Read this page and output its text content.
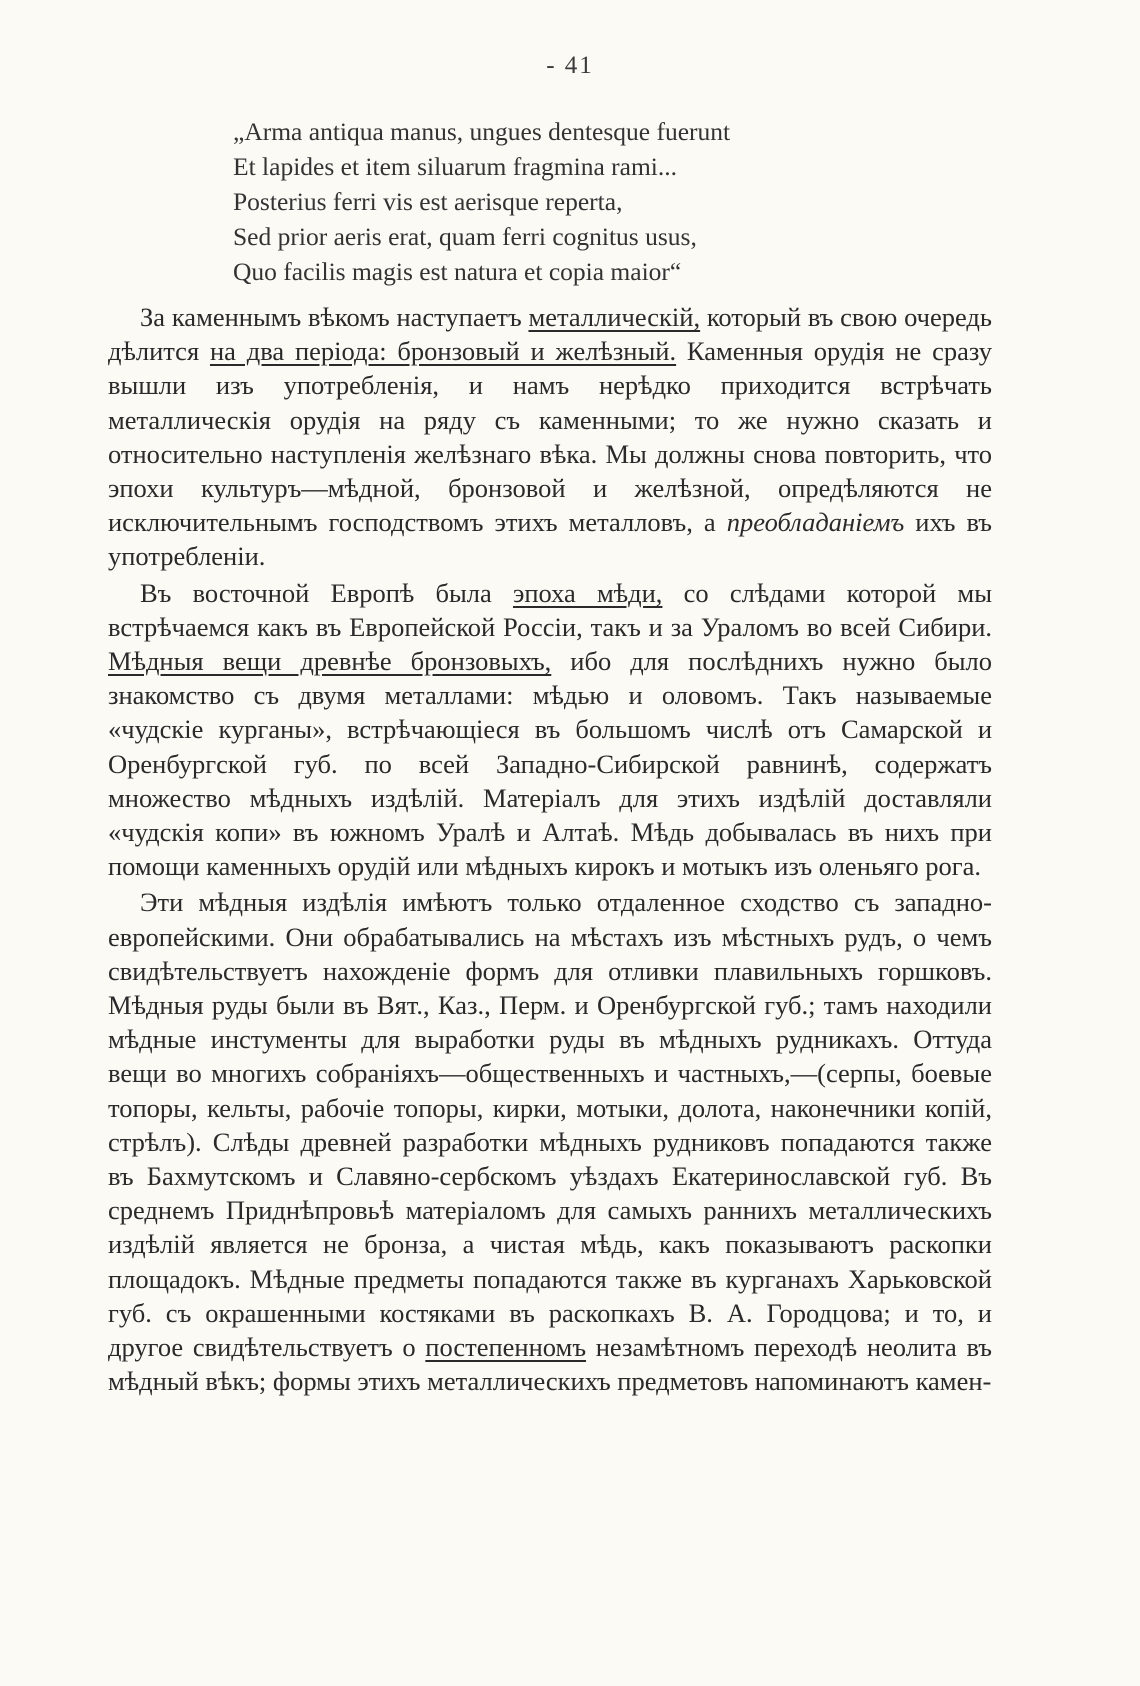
- 41
„Arma antiqua manus, ungues dentesque fuerunt
Et lapides et item siluarum fragmina rami...
Posterius ferri vis est aerisque reperta,
Sed prior aeris erat, quam ferri cognitus usus,
Quo facilis magis est natura et copia maior“

За каменнымъ вѣкомъ наступаетъ металлическій, который въ свою очередь дѣлится на два періода: бронзовый и желѣзный. Каменныя орудія не сразу вышли изъ употребленія, и намъ нерѣдко приходится встрѣчать металлическія орудія на ряду съ каменными; то же нужно сказать и относительно наступленія желѣзнаго вѣка. Мы должны снова повторить, что эпохи культуръ—мѣдной, бронзовой и желѣзной, опредѣляются не исключительнымъ господствомъ этихъ металловъ, а преобладаніемъ ихъ въ употребленіи.

Въ восточной Европѣ была эпоха мѣди, со слѣдами которой мы встрѣчаемся какъ въ Европейской Россіи, такъ и за Ураломъ во всей Сибири. Мѣдныя вещи древнѣе бронзовыхъ, ибо для послѣднихъ нужно было знакомство съ двумя металлами: мѣдью и оловомъ. Такъ называемые «чудскіе курганы», встрѣчающіеся въ большомъ числѣ отъ Самарской и Оренбургской губ. по всей Западно-Сибирской равнинѣ, содержатъ множество мѣдныхъ издѣлій. Матеріалъ для этихъ издѣлій доставляли «чудскія копи» въ южномъ Уралѣ и Алтаѣ. Мѣдь добывалась въ нихъ при помощи каменныхъ орудій или мѣдныхъ кирокъ и мотыкъ изъ оленьяго рога.

Эти мѣдныя издѣлія имѣютъ только отдаленное сходство съ западно-европейскими. Они обрабатывались на мѣстахъ изъ мѣстныхъ рудъ, о чемъ свидѣтельствуетъ нахожденіе формъ для отливки плавильныхъ горшковъ. Мѣдныя руды были въ Вят., Каз., Перм. и Оренбургской губ.; тамъ находили мѣдные инстументы для выработки руды въ мѣдныхъ рудникахъ. Оттуда вещи во многихъ собраніяхъ—общественныхъ и частныхъ,—(серпы, боевые топоры, кельты, рабочіе топоры, кирки, мотыки, долота, наконечники копій, стрѣлъ). Слѣды древней разработки мѣдныхъ рудниковъ попадаются также въ Бахмутскомъ и Славяно-сербскомъ уѣздахъ Екатеринославской губ. Въ среднемъ Приднѣпровьѣ матеріаломъ для самыхъ раннихъ металлическихъ издѣлій является не бронза, а чистая мѣдь, какъ показываютъ раскопки площадокъ. Мѣдные предметы попадаются также въ курганахъ Харьковской губ. съ окрашенными костяками въ раскопкахъ В. А. Городцова; и то, и другое свидѣтельствуетъ о постепенномъ незамѣтномъ переходѣ неолита въ мѣдный вѣкъ; формы этихъ металлическихъ предметовъ напоминаютъ камен-
